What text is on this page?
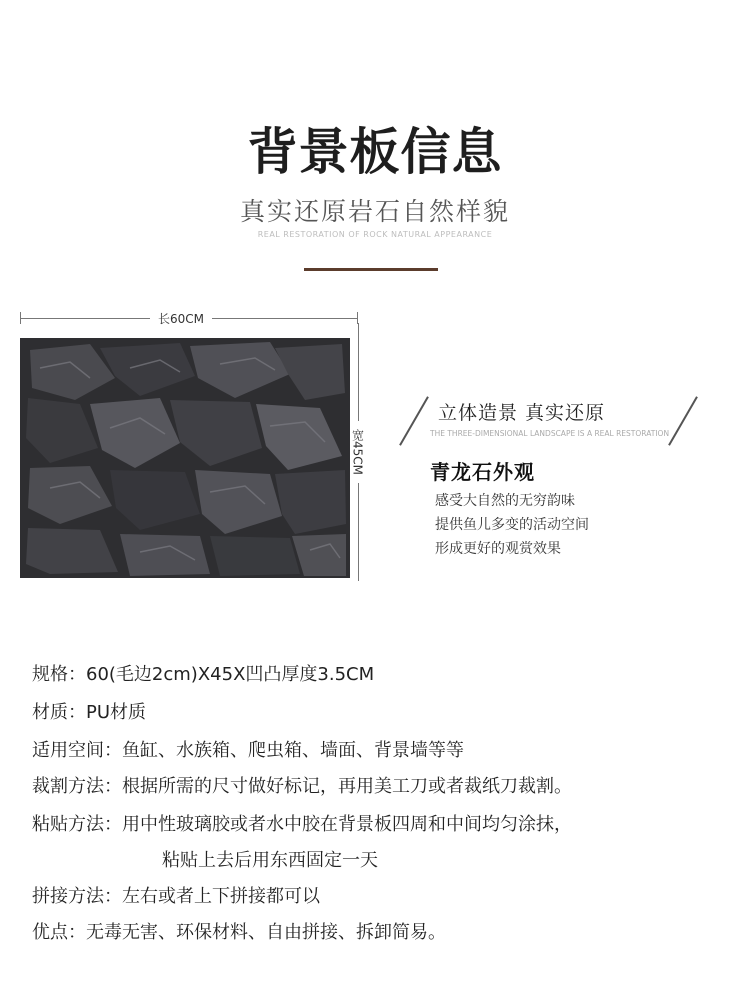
背景板信息
真实还原岩石自然样貌
REAL RESTORATION OF ROCK NATURAL APPEARANCE
长60CM
宽45CM
立体造景 真实还原
THE THREE-DIMENSIONAL LANDSCAPE IS A REAL RESTORATION
青龙石外观
感受大自然的无穷韵味
提供鱼儿多变的活动空间
形成更好的观赏效果
规格：60(毛边2cm)X45X凹凸厚度3.5CM
材质：PU材质
适用空间：鱼缸、水族箱、爬虫箱、墙面、背景墙等等
裁割方法：根据所需的尺寸做好标记，再用美工刀或者裁纸刀裁割。
粘贴方法：用中性玻璃胶或者水中胶在背景板四周和中间均匀涂抹，
粘贴上去后用东西固定一天
拼接方法：左右或者上下拼接都可以
优点：无毒无害、环保材料、自由拼接、拆卸简易。
